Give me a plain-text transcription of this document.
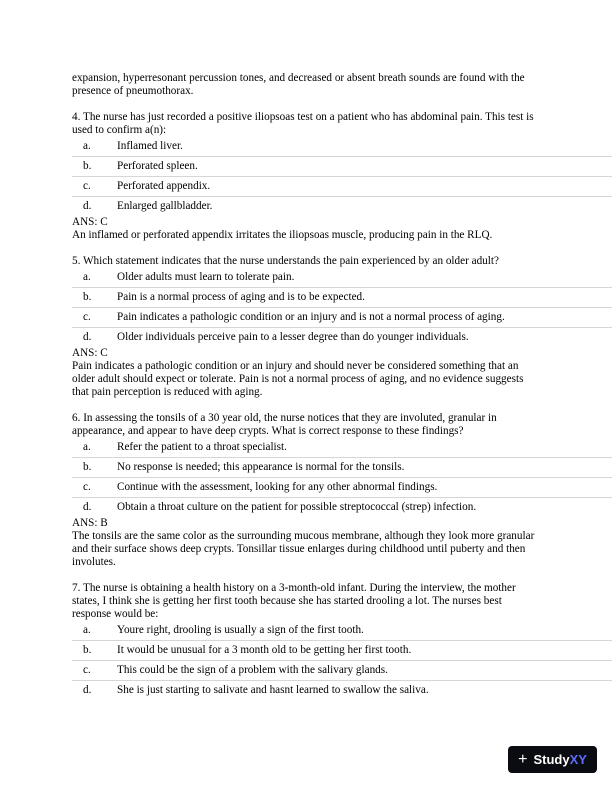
expansion, hyperresonant percussion tones, and decreased or absent breath sounds are found with the presence of pneumothorax.

4. The nurse has just recorded a positive iliopsoas test on a patient who has abdominal pain. This test is used to confirm a(n):

a.	Inflamed liver.
b.	Perforated spleen.
c.	Perforated appendix.
d.	Enlarged gallbladder.

ANS: C

An inflamed or perforated appendix irritates the iliopsoas muscle, producing pain in the RLQ.

5. Which statement indicates that the nurse understands the pain experienced by an older adult?

a.	Older adults must learn to tolerate pain.
b.	Pain is a normal process of aging and is to be expected.
c.	Pain indicates a pathologic condition or an injury and is not a normal process of aging.
d.	Older individuals perceive pain to a lesser degree than do younger individuals.

ANS: C

Pain indicates a pathologic condition or an injury and should never be considered something that an older adult should expect or tolerate. Pain is not a normal process of aging, and no evidence suggests that pain perception is reduced with aging.

6. In assessing the tonsils of a 30 year old, the nurse notices that they are involuted, granular in appearance, and appear to have deep crypts. What is correct response to these findings?

a.	Refer the patient to a throat specialist.
b.	No response is needed; this appearance is normal for the tonsils.
c.	Continue with the assessment, looking for any other abnormal findings.
d.	Obtain a throat culture on the patient for possible streptococcal (strep) infection.

ANS: B

The tonsils are the same color as the surrounding mucous membrane, although they look more granular and their surface shows deep crypts. Tonsillar tissue enlarges during childhood until puberty and then involutes.

7. The nurse is obtaining a health history on a 3-month-old infant. During the interview, the mother states, I think she is getting her first tooth because she has started drooling a lot. The nurses best response would be:

a.	Youre right, drooling is usually a sign of the first tooth.
b.	It would be unusual for a 3 month old to be getting her first tooth.
c.	This could be the sign of a problem with the salivary glands.
d.	She is just starting to salivate and hasnt learned to swallow the saliva.
+ StudyXY
